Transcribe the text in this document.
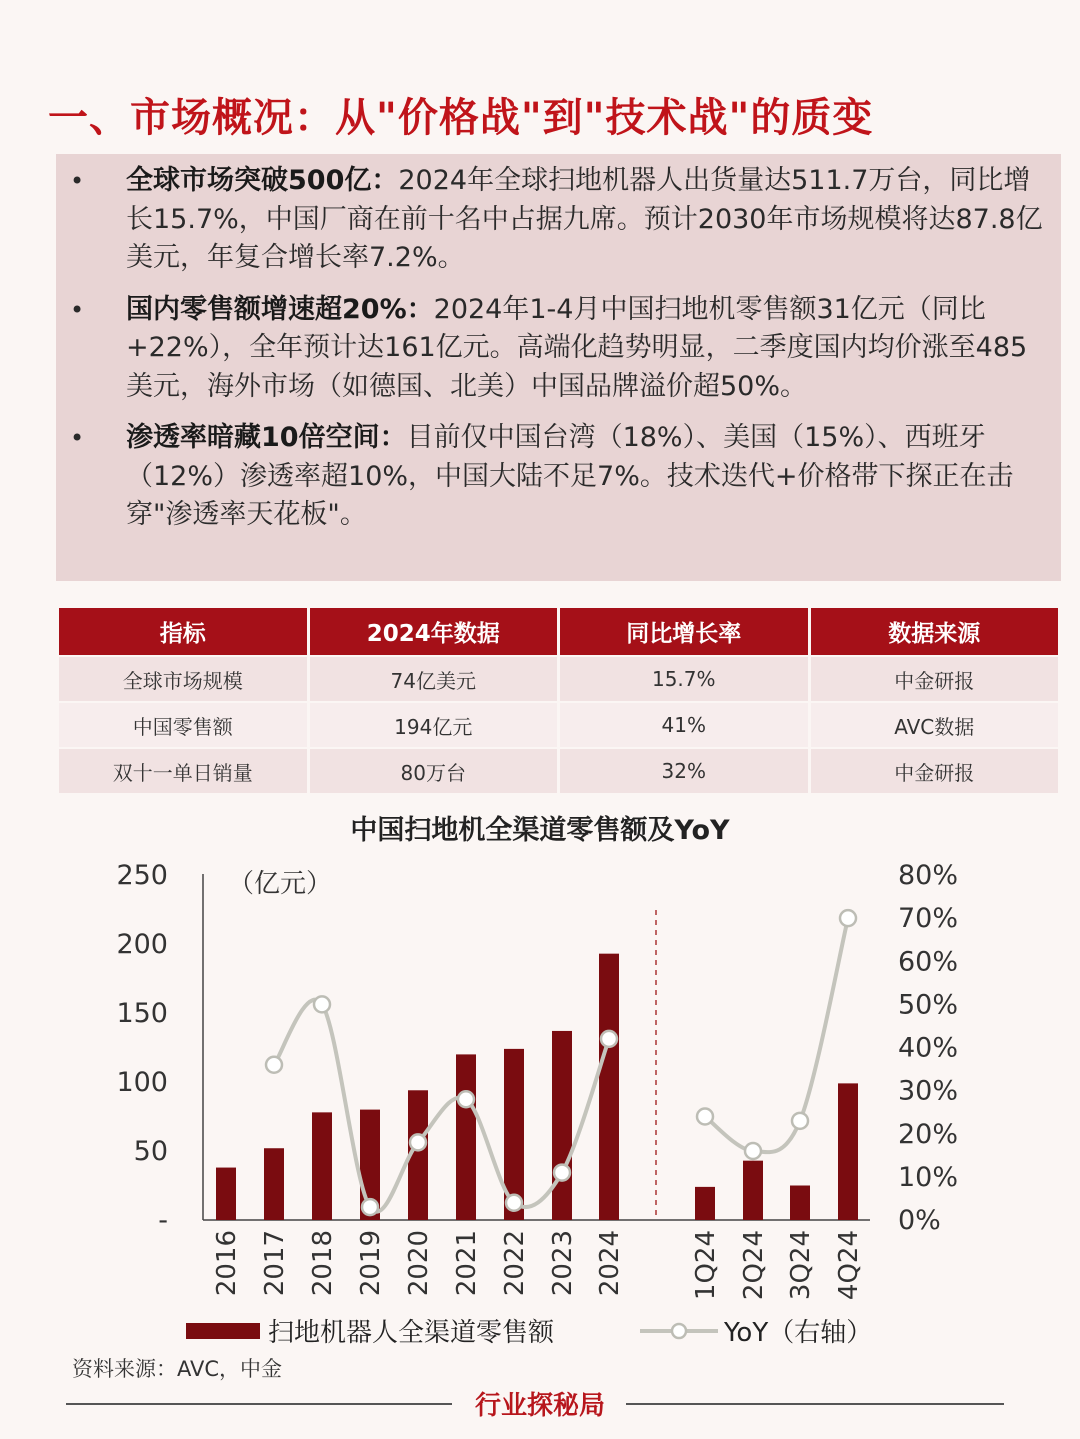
一、市场概况：从"价格战"到"技术战"的质变
• 全球市场突破500亿：2024年全球扫地机器人出货量达511.7万台，同比增长15.7%，中国厂商在前十名中占据九席。预计2030年市场规模将达87.8亿美元，年复合增长率7.2%。
• 国内零售额增速超20%：2024年1-4月中国扫地机零售额31亿元（同比+22%），全年预计达161亿元。高端化趋势明显，二季度国内均价涨至485美元，海外市场（如德国、北美）中国品牌溢价超50%。
• 渗透率暗藏10倍空间：目前仅中国台湾（18%）、美国（15%）、西班牙（12%）渗透率超10%，中国大陆不足7%。技术迭代+价格带下探正在击穿"渗透率天花板"。
指标	2024年数据	同比增长率	数据来源
全球市场规模	74亿美元	15.7%	中金研报
中国零售额	194亿元	41%	AVC数据
双十一单日销量	80万台	32%	中金研报
中国扫地机全渠道零售额及YoY
-
50
100
150
200
250 （亿元）
0%
10%
20%
30%
40%
50%
60%
70%
80%
2016 2017 2018 2019 2020 2021 2022 2023 2024	1Q24 2Q24 3Q24 4Q24
扫地机器人全渠道零售额	YoY（右轴）
资料来源：AVC，中金
行业探秘局
